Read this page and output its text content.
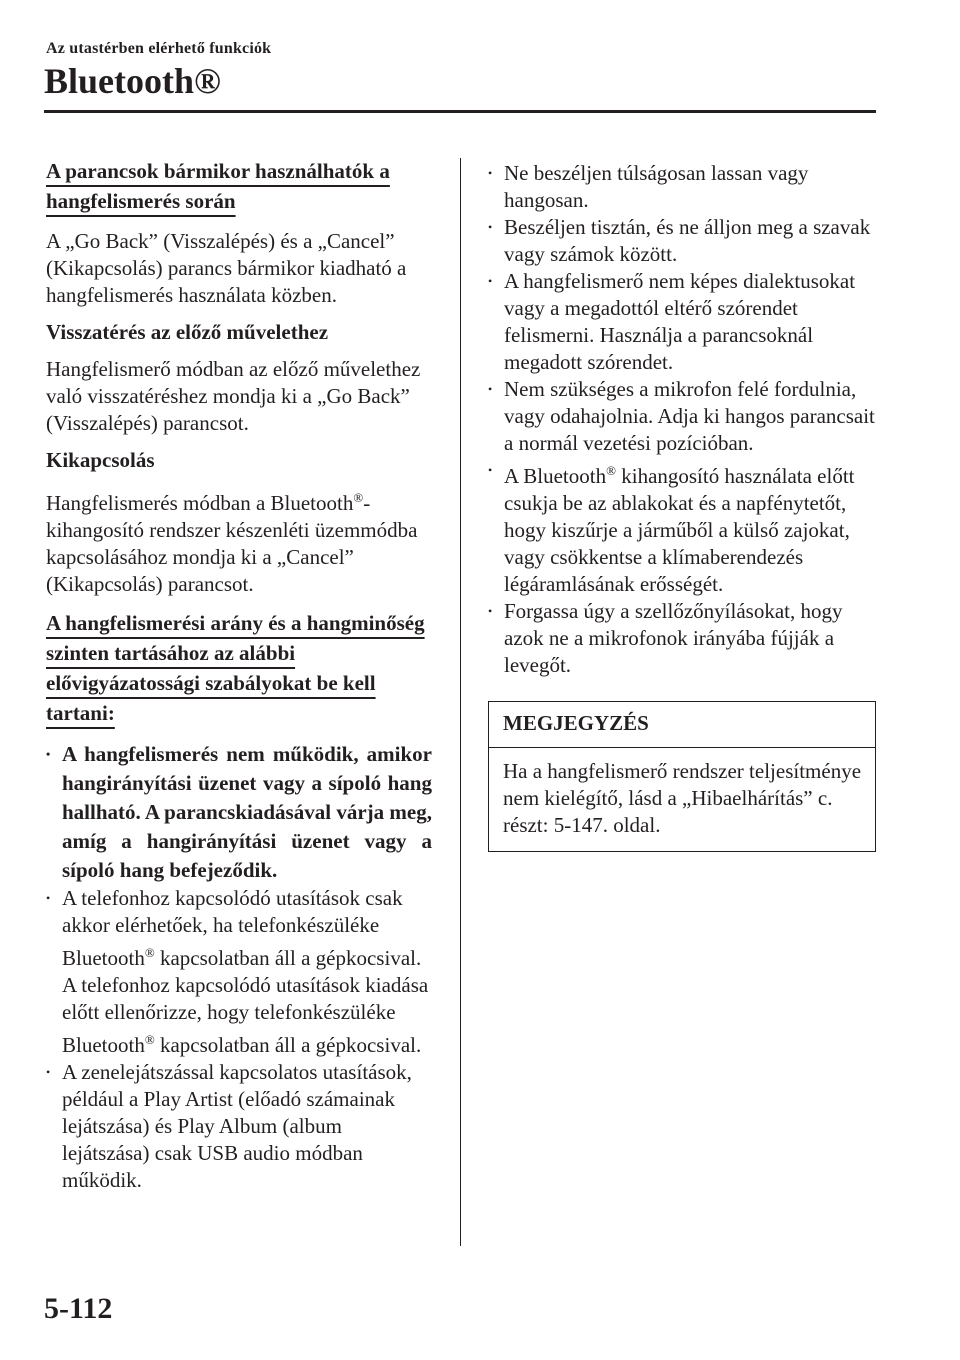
Az utastérben elérhető funkciók
Bluetooth®
A parancsok bármikor használhatók a hangfelismerés során

A „Go Back” (Visszalépés) és a „Cancel” (Kikapcsolás) parancs bármikor kiadható a hangfelismerés használata közben.

Visszatérés az előző művelethez

Hangfelismerő módban az előző művelethez való visszatéréshez mondja ki a „Go Back” (Visszalépés) parancsot.

Kikapcsolás

Hangfelismerés módban a Bluetooth®-kihangosító rendszer készenléti üzemmódba kapcsolásához mondja ki a „Cancel” (Kikapcsolás) parancsot.

A hangfelismerési arány és a hangminőség szinten tartásához az alábbi elővigyázatossági szabályokat be kell tartani:
• A hangfelismerés nem működik, amikor hangirányítási üzenet vagy a sípoló hang hallható. A parancskiadásával várja meg, amíg a hangirányítási üzenet vagy a sípoló hang befejeződik.
• A telefonhoz kapcsolódó utasítások csak akkor elérhetőek, ha telefonkészüléke Bluetooth® kapcsolatban áll a gépkocsival. A telefonhoz kapcsolódó utasítások kiadása előtt ellenőrizze, hogy telefonkészüléke Bluetooth® kapcsolatban áll a gépkocsival.
• A zenelejátszással kapcsolatos utasítások, például a Play Artist (előadó számainak lejátszása) és Play Album (album lejátszása) csak USB audio módban működik.
• Ne beszéljen túlságosan lassan vagy hangosan.
• Beszéljen tisztán, és ne álljon meg a szavak vagy számok között.
• A hangfelismerő nem képes dialektusokat vagy a megadottól eltérő szórendet felismerni. Használja a parancsoknál megadott szórendet.
• Nem szükséges a mikrofon felé fordulnia, vagy odahajolnia. Adja ki hangos parancsait a normál vezetési pozícióban.
• A Bluetooth® kihangosító használata előtt csukja be az ablakokat és a napfénytetőt, hogy kiszűrje a járműből a külső zajokat, vagy csökkentse a klímaberendezés légáramlásának erősségét.
• Forgassa úgy a szellőzőnyílásokat, hogy azok ne a mikrofonok irányába fújják a levegőt.
MEGJEGYZÉS
Ha a hangfelismerő rendszer teljesítménye nem kielégítő, lásd a „Hibaelhárítás” c. részt: 5-147. oldal.
5-112
